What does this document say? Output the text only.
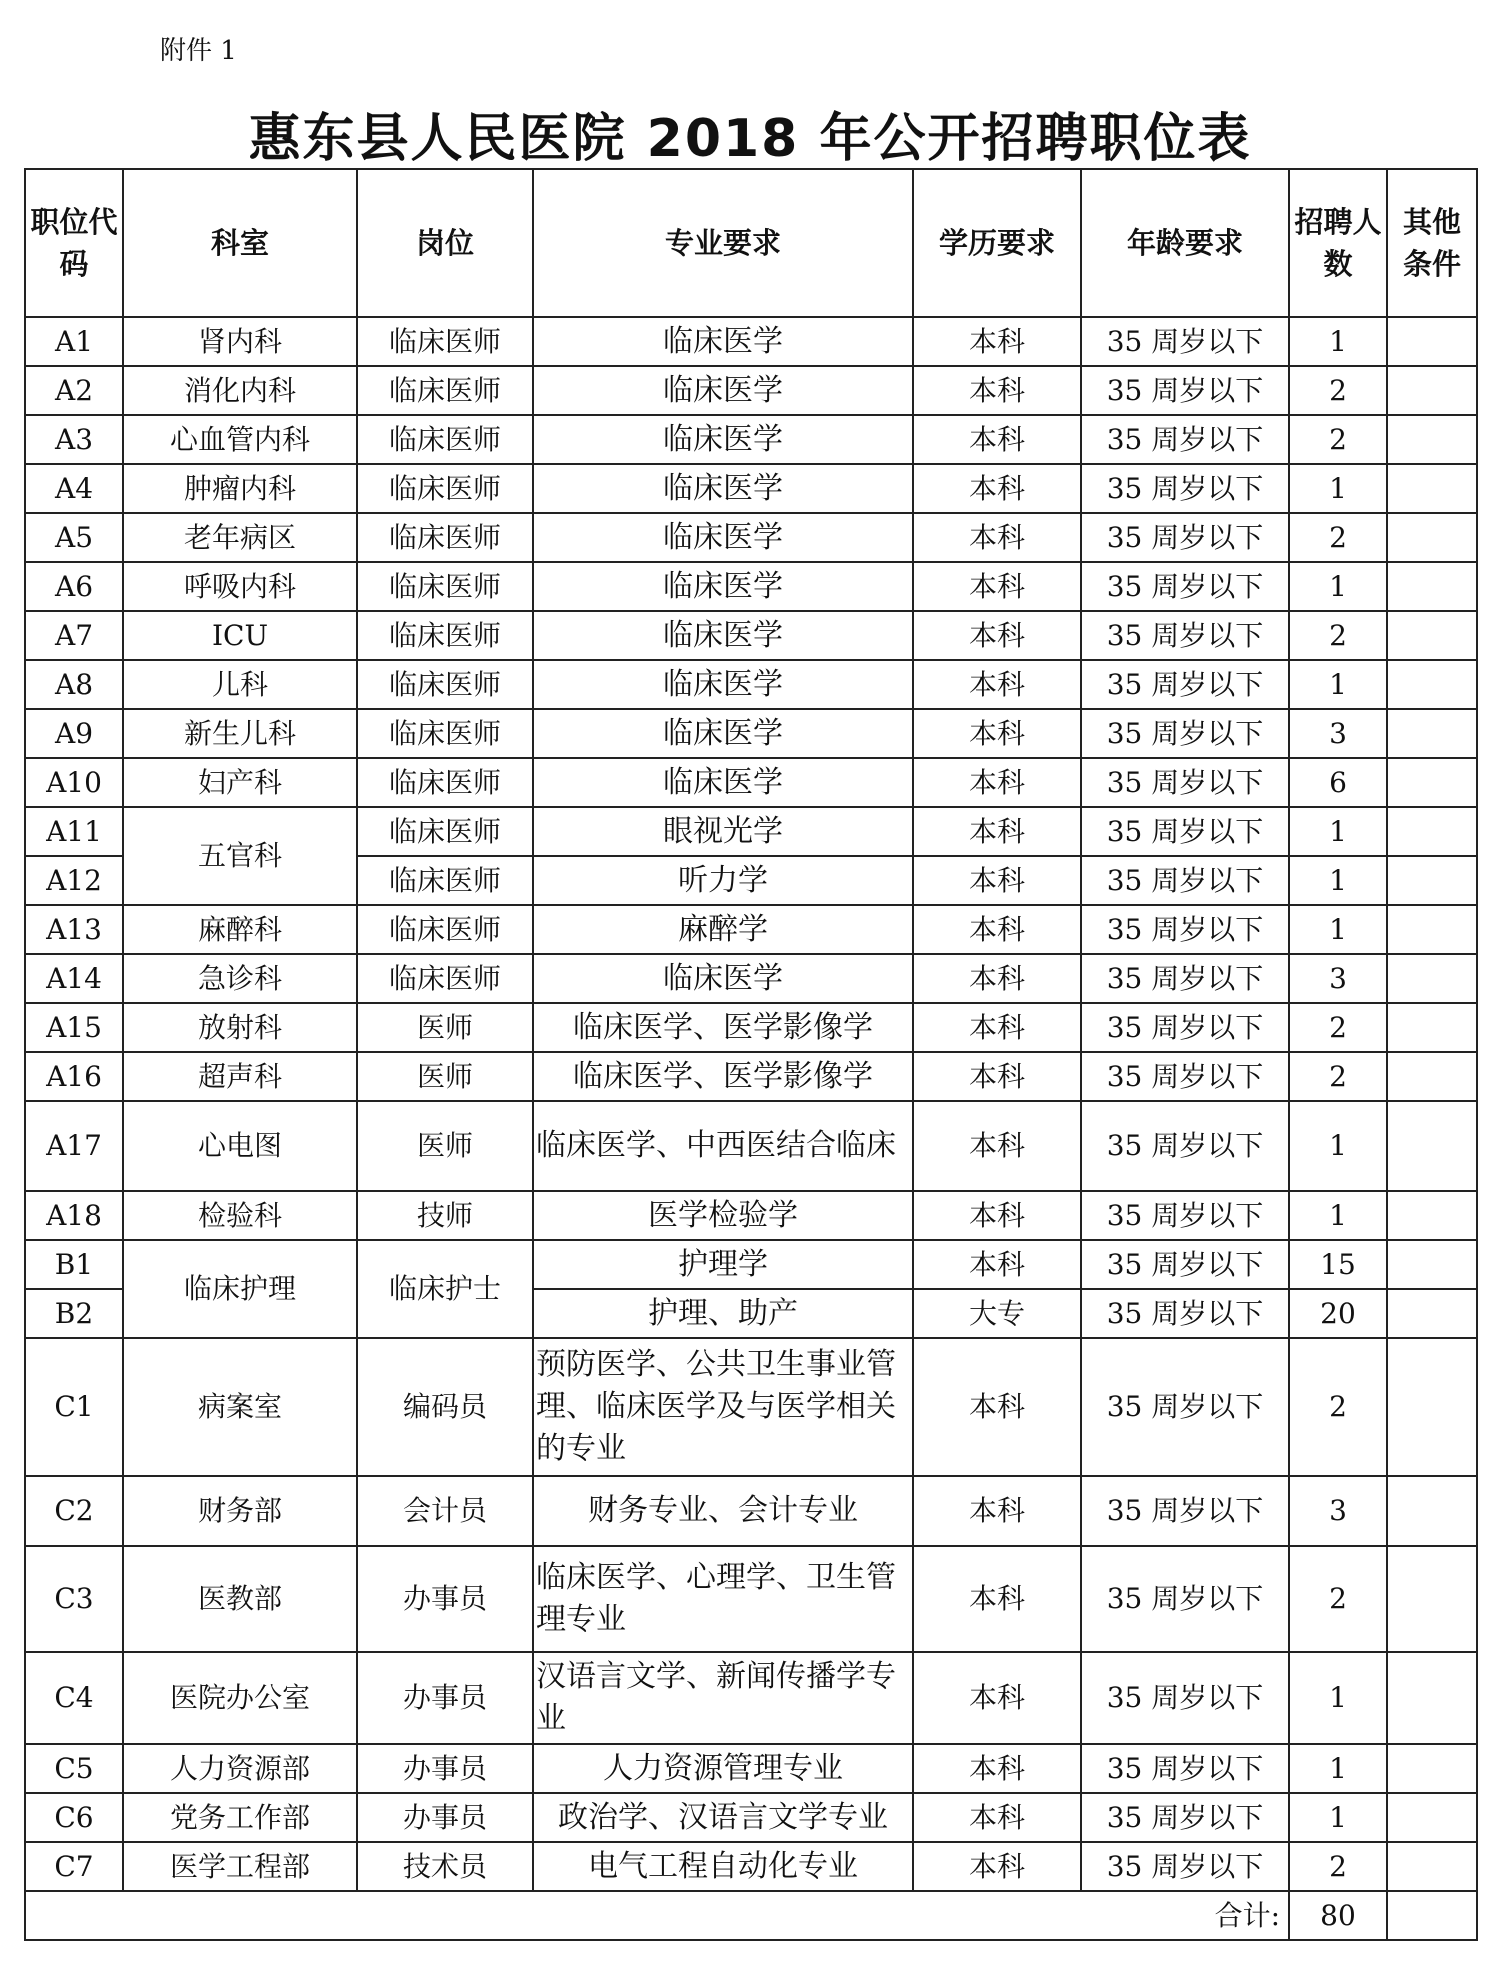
附件 1
惠东县人民医院 2018 年公开招聘职位表
职位代码	科室	岗位	专业要求	学历要求	年龄要求	招聘人数	其他条件
A1	肾内科	临床医师	临床医学	本科	35 周岁以下	1	
A2	消化内科	临床医师	临床医学	本科	35 周岁以下	2	
A3	心血管内科	临床医师	临床医学	本科	35 周岁以下	2	
A4	肿瘤内科	临床医师	临床医学	本科	35 周岁以下	1	
A5	老年病区	临床医师	临床医学	本科	35 周岁以下	2	
A6	呼吸内科	临床医师	临床医学	本科	35 周岁以下	1	
A7	ICU	临床医师	临床医学	本科	35 周岁以下	2	
A8	儿科	临床医师	临床医学	本科	35 周岁以下	1	
A9	新生儿科	临床医师	临床医学	本科	35 周岁以下	3	
A10	妇产科	临床医师	临床医学	本科	35 周岁以下	6	
A11	五官科	临床医师	眼视光学	本科	35 周岁以下	1	
A12		临床医师	听力学	本科	35 周岁以下	1	
A13	麻醉科	临床医师	麻醉学	本科	35 周岁以下	1	
A14	急诊科	临床医师	临床医学	本科	35 周岁以下	3	
A15	放射科	医师	临床医学、医学影像学	本科	35 周岁以下	2	
A16	超声科	医师	临床医学、医学影像学	本科	35 周岁以下	2	
A17	心电图	医师	临床医学、中西医结合临床	本科	35 周岁以下	1	
A18	检验科	技师	医学检验学	本科	35 周岁以下	1	
B1	临床护理	临床护士	护理学	本科	35 周岁以下	15	
B2			护理、助产	大专	35 周岁以下	20	
C1	病案室	编码员	预防医学、公共卫生事业管理、临床医学及与医学相关的专业	本科	35 周岁以下	2	
C2	财务部	会计员	财务专业、会计专业	本科	35 周岁以下	3	
C3	医教部	办事员	临床医学、心理学、卫生管理专业	本科	35 周岁以下	2	
C4	医院办公室	办事员	汉语言文学、新闻传播学专业	本科	35 周岁以下	1	
C5	人力资源部	办事员	人力资源管理专业	本科	35 周岁以下	1	
C6	党务工作部	办事员	政治学、汉语言文学专业	本科	35 周岁以下	1	
C7	医学工程部	技术员	电气工程自动化专业	本科	35 周岁以下	2	
合计:						80	
